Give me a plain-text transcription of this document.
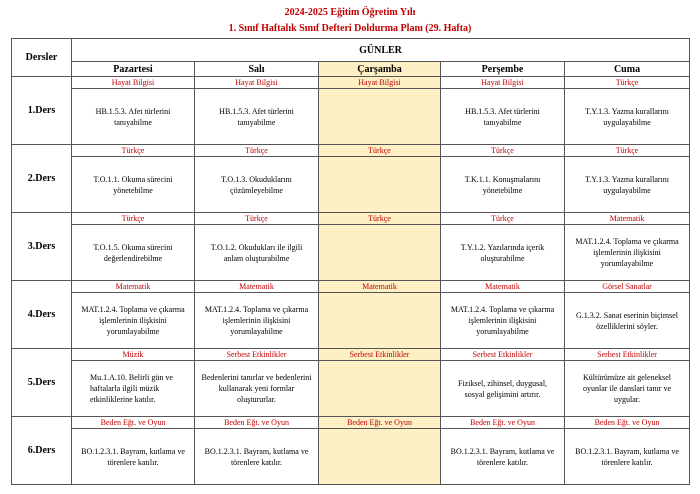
2024-2025 Eğitim Öğretim Yılı
1. Sınıf Haftalık Sınıf Defteri Doldurma Planı (29. Hafta)
Dersler	GÜNLER				
	Pazartesi	Salı	Çarşamba	Perşembe	Cuma
1.Ders	Hayat Bilgisi	Hayat Bilgisi	Hayat Bilgisi	Hayat Bilgisi	Türkçe

	HB.1.5.3. Afet türlerini tanıyabilme	HB.1.5.3. Afet türlerini tanıyabilme		HB.1.5.3. Afet türlerini tanıyabilme	T.Y.1.3. Yazma kurallarını uygulayabilme

2.Ders	Türkçe	Türkçe	Türkçe	Türkçe	Türkçe

	T.O.1.1. Okuma sürecini yönetebilme	T.O.1.3. Okuduklarını çözümleyebilme		T.K.1.1. Konuşmalarını yönetebilme	T.Y.1.3. Yazma kurallarını uygulayabilme

3.Ders	Türkçe	Türkçe	Türkçe	Türkçe	Matematik

	T.O.1.5. Okuma sürecini değerlendirebilme	T.O.1.2. Okudukları ile ilgili anlam oluşturabilme		T.Y.1.2. Yazılarında içerik oluşturabilme	MAT.1.2.4. Toplama ve çıkarma işlemlerinin ilişkisini yorumlayabilme

4.Ders	Matematik	Matematik	Matematik	Matematik	Görsel Sanatlar

	MAT.1.2.4. Toplama ve çıkarma işlemlerinin ilişkisini yorumlayabilme	MAT.1.2.4. Toplama ve çıkarma işlemlerinin ilişkisini yorumlayabilme		MAT.1.2.4. Toplama ve çıkarma işlemlerinin ilişkisini yorumlayabilme	G.1.3.2. Sanat eserinin biçimsel özelliklerini söyler.

5.Ders	Müzik	Serbest Etkinlikler	Serbest Etkinlikler	Serbest Etkinlikler	Serbest Etkinlikler

	Mu.1.A.10. Belirli gün ve haftalarla ilgili müzik etkinliklerine katılır.	Bedenlerini tanırlar ve bedenlerini kullanarak yeni formlar oluştururlar.		Fiziksel, zihinsel, duygusal, sosyal gelişimini artırır.	Kültürümüze ait geleneksel oyunlar ile danslari tanır ve uygular.

6.Ders	Beden Eğt. ve Oyun	Beden Eğt. ve Oyun	Beden Eğt. ve Oyun	Beden Eğt. ve Oyun	Beden Eğt. ve Oyun

	BO.1.2.3.1. Bayram, kutlama ve törenlere katılır.	BO.1.2.3.1. Bayram, kutlama ve törenlere katılır.		BO.1.2.3.1. Bayram, kutlama ve törenlere katılır.	BO.1.2.3.1. Bayram, kutlama ve törenlere katılır.
